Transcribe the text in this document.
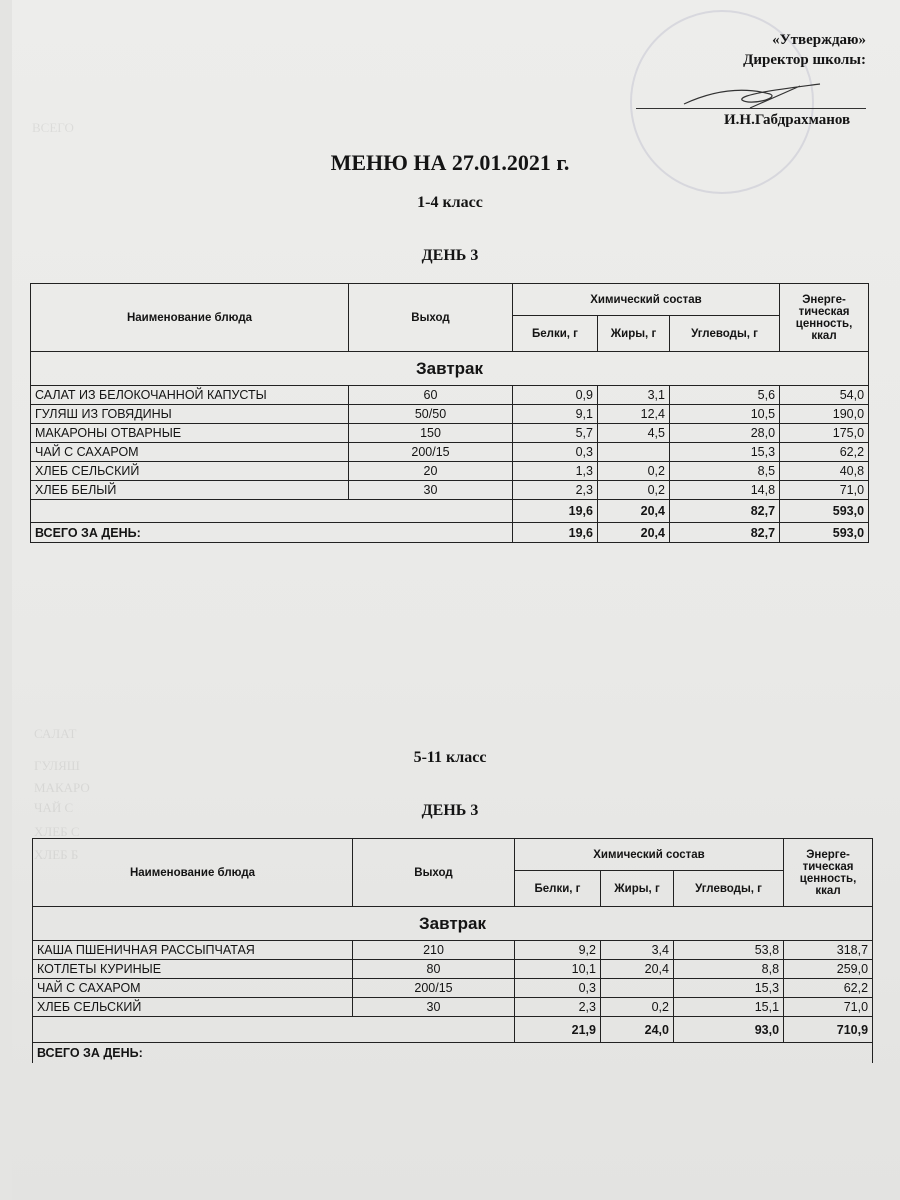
ВСЕГО
САЛАТ
ГУЛЯШ
МАКАРО
ЧАЙ С
ХЛЕБ С
ХЛЕБ Б
«Утверждаю»
Директор школы:
И.Н.Габдрахманов
МЕНЮ НА 27.01.2021 г.
1-4 класс
ДЕНЬ 3
Наименование блюда	Выход	Химический состав			Энерге-тическая ценность, ккал
		Белки, г	Жиры, г	Углеводы, г	
Завтрак					
САЛАТ ИЗ БЕЛОКОЧАННОЙ КАПУСТЫ	60	0,9	3,1	5,6	54,0
ГУЛЯШ ИЗ ГОВЯДИНЫ	50/50	9,1	12,4	10,5	190,0
МАКАРОНЫ ОТВАРНЫЕ	150	5,7	4,5	28,0	175,0
ЧАЙ С САХАРОМ	200/15	0,3		15,3	62,2
ХЛЕБ СЕЛЬСКИЙ	20	1,3	0,2	8,5	40,8
ХЛЕБ БЕЛЫЙ	30	2,3	0,2	14,8	71,0
		19,6	20,4	82,7	593,0
ВСЕГО ЗА ДЕНЬ:		19,6	20,4	82,7	593,0
5-11 класс
ДЕНЬ 3
Наименование блюда	Выход	Химический состав			Энерге-тическая ценность, ккал
		Белки, г	Жиры, г	Углеводы, г	
Завтрак					
КАША ПШЕНИЧНАЯ РАССЫПЧАТАЯ	210	9,2	3,4	53,8	318,7
КОТЛЕТЫ КУРИНЫЕ	80	10,1	20,4	8,8	259,0
ЧАЙ С САХАРОМ	200/15	0,3		15,3	62,2
ХЛЕБ СЕЛЬСКИЙ	30	2,3	0,2	15,1	71,0
		21,9	24,0	93,0	710,9
ВСЕГО ЗА ДЕНЬ:					
